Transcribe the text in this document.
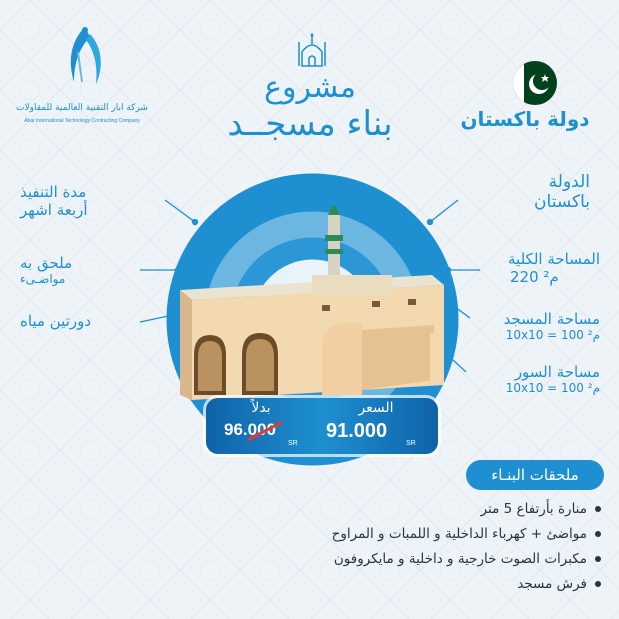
شركة ابار التقنية العالمية للمقاولات
Abar International Technology Contracting Company
مشروع
بناء مسجــد	دولة باكستان
مدة التنفيذ
أربعة اشهر
ملحق به
مواضـىء
دورتين مياه
الدولة
باكستان
المساحة الكلية
220 م²
مساحة المسجد
10x10 = 100 م²
مساحة السور
10x10 = 100 م²
السعر
91.000
SR
بدلاً
96.000
SR
ملحقات البنـاء
منارة بأرتفاع 5 متر
مواضئ + كهرباء الداخلية و اللمبات و المراوح
مكبرات الصوت خارجية و داخلية و مايكروفون
فرش مسجد
